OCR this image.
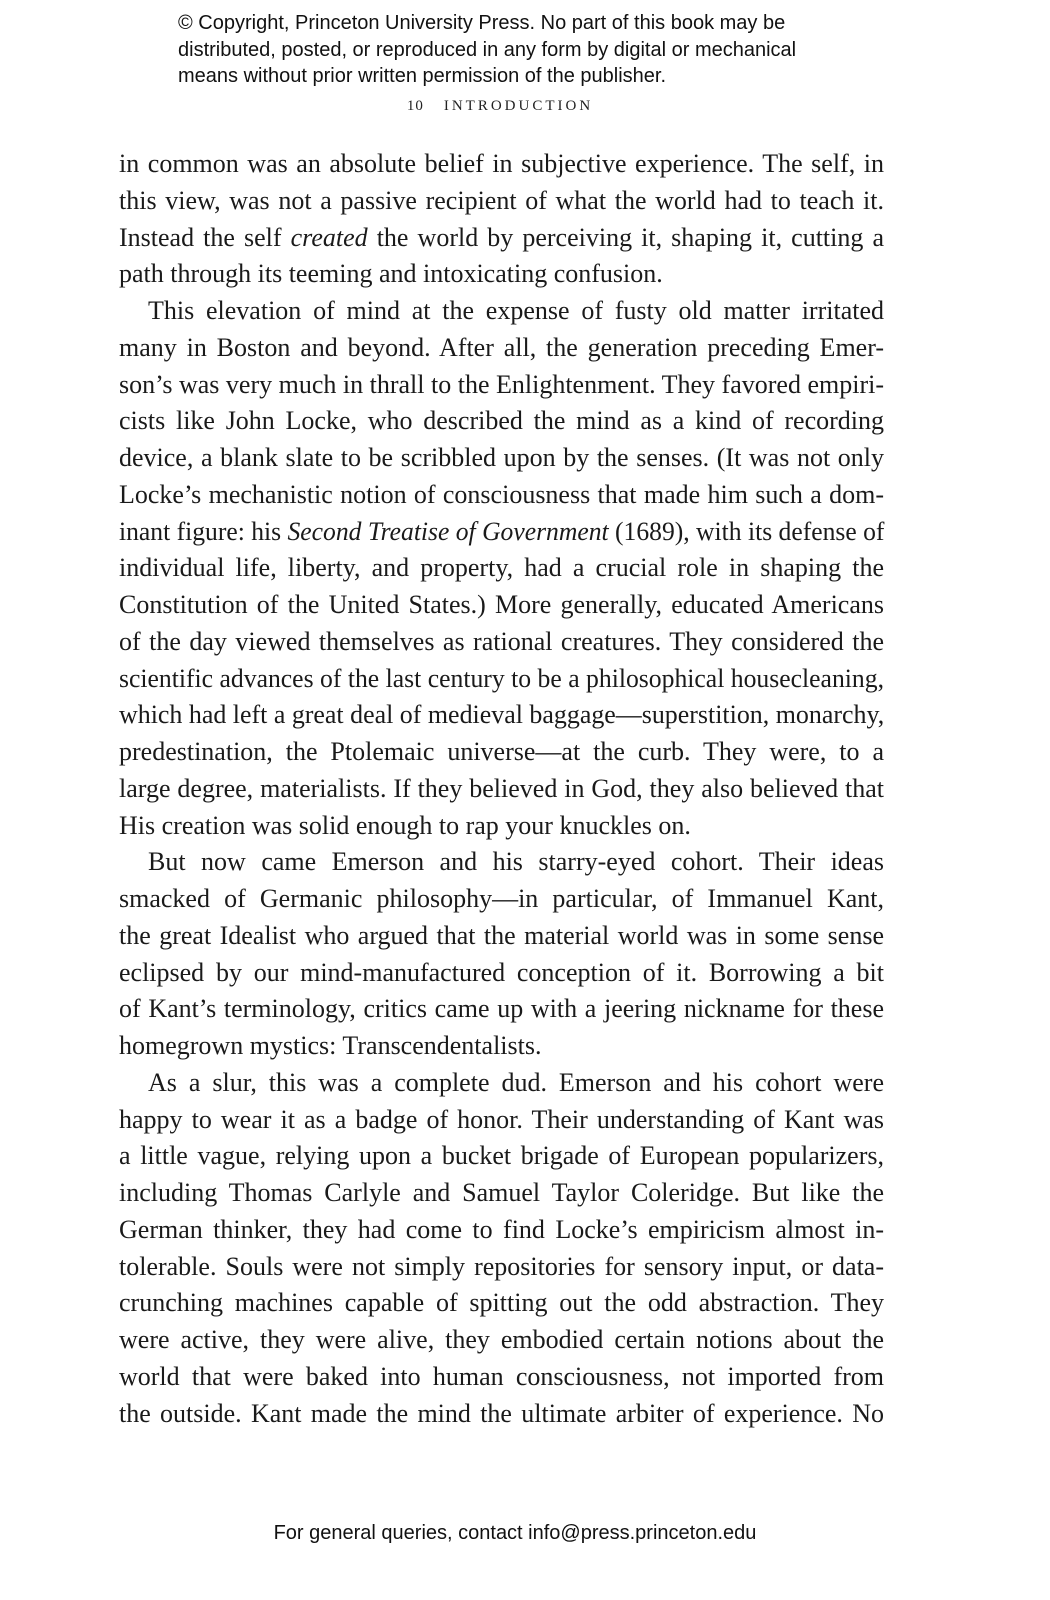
© Copyright, Princeton University Press. No part of this book may be
distributed, posted, or reproduced in any form by digital or mechanical
means without prior written permission of the publisher.
10 INTRODUCTION
in common was an absolute belief in subjective experience. The self, in
this view, was not a passive recipient of what the world had to teach it.
Instead the self created the world by perceiving it, shaping it, cutting a
path through its teeming and intoxicating confusion.
This elevation of mind at the expense of fusty old matter irritated
many in Boston and beyond. After all, the generation preceding Emer-
son’s was very much in thrall to the Enlightenment. They favored empiri-
cists like John Locke, who described the mind as a kind of recording
device, a blank slate to be scribbled upon by the senses. (It was not only
Locke’s mechanistic notion of consciousness that made him such a dom-
inant figure: his Second Treatise of Government (1689), with its defense of
individual life, liberty, and property, had a crucial role in shaping the
Constitution of the United States.) More generally, educated Americans
of the day viewed themselves as rational creatures. They considered the
scientific advances of the last century to be a philosophical housecleaning,
which had left a great deal of medieval baggage—superstition, monarchy,
predestination, the Ptolemaic universe—at the curb. They were, to a
large degree, materialists. If they believed in God, they also believed that
His creation was solid enough to rap your knuckles on.
But now came Emerson and his starry-eyed cohort. Their ideas
smacked of Germanic philosophy—in particular, of Immanuel Kant,
the great Idealist who argued that the material world was in some sense
eclipsed by our mind-manufactured conception of it. Borrowing a bit
of Kant’s terminology, critics came up with a jeering nickname for these
homegrown mystics: Transcendentalists.
As a slur, this was a complete dud. Emerson and his cohort were
happy to wear it as a badge of honor. Their understanding of Kant was
a little vague, relying upon a bucket brigade of European popularizers,
including Thomas Carlyle and Samuel Taylor Coleridge. But like the
German thinker, they had come to find Locke’s empiricism almost in-
tolerable. Souls were not simply repositories for sensory input, or data-
crunching machines capable of spitting out the odd abstraction. They
were active, they were alive, they embodied certain notions about the
world that were baked into human consciousness, not imported from
the outside. Kant made the mind the ultimate arbiter of experience. No
For general queries, contact info@press.princeton.edu
